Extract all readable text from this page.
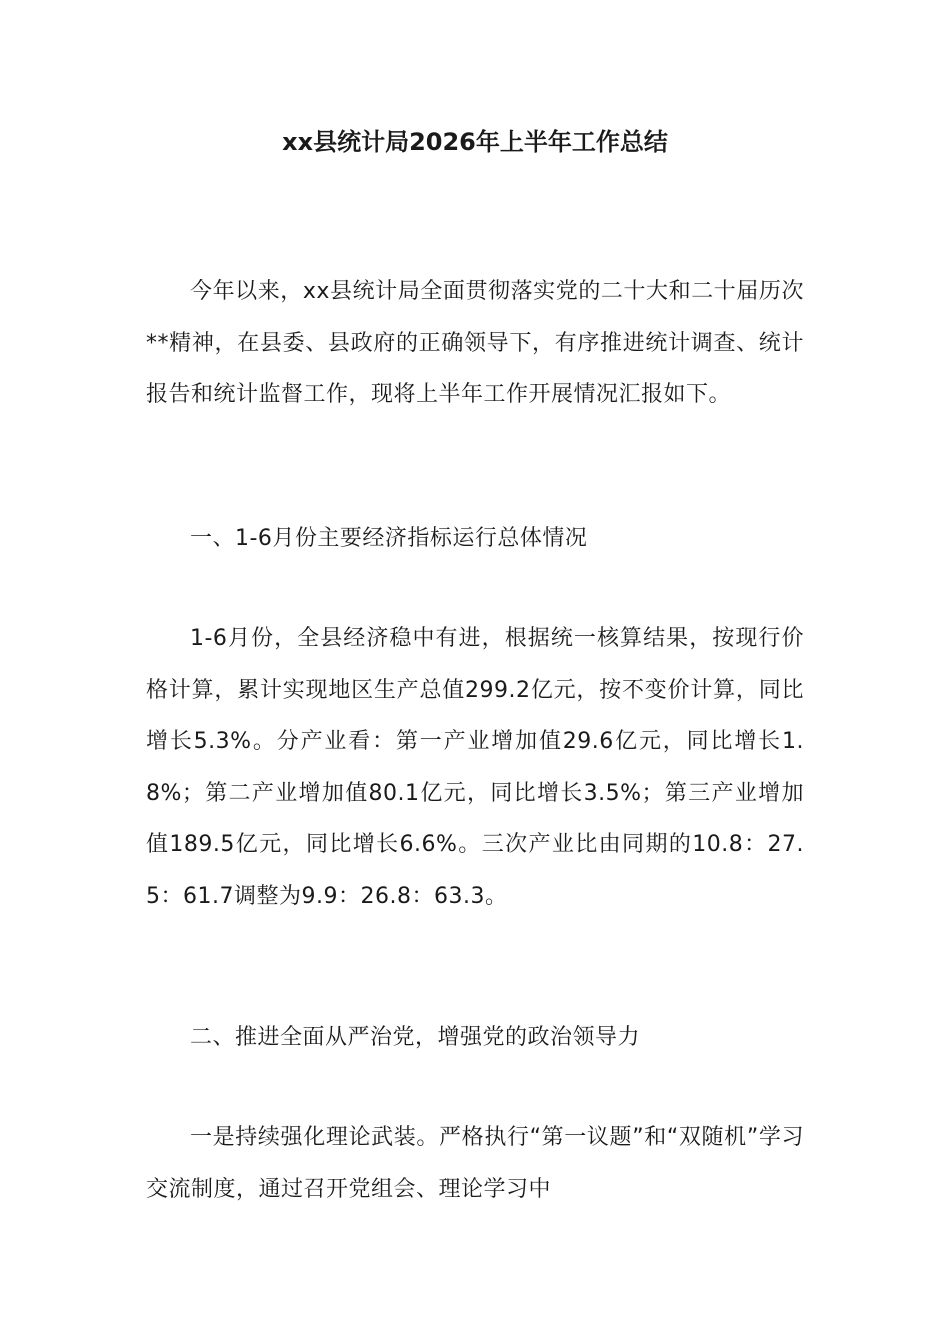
xx县统计局2026年上半年工作总结

今年以来，xx县统计局全面贯彻落实党的二十大和二十届历次**精神，在县委、县政府的正确领导下，有序推进统计调查、统计报告和统计监督工作，现将上半年工作开展情况汇报如下。

一、1-6月份主要经济指标运行总体情况

1-6月份，全县经济稳中有进，根据统一核算结果，按现行价格计算，累计实现地区生产总值299.2亿元，按不变价计算，同比增长5.3%。分产业看：第一产业增加值29.6亿元，同比增长1.8%；第二产业增加值80.1亿元，同比增长3.5%；第三产业增加值189.5亿元，同比增长6.6%。三次产业比由同期的10.8：27.5：61.7调整为9.9：26.8：63.3。

二、推进全面从严治党，增强党的政治领导力

一是持续强化理论武装。严格执行“第一议题”和“双随机”学习交流制度，通过召开党组会、理论学习中
